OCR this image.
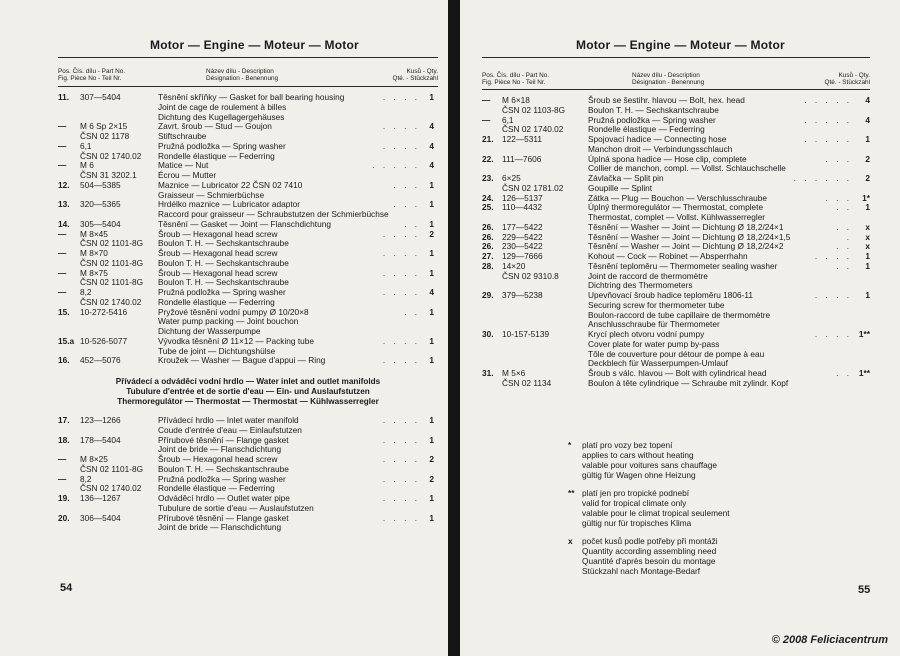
Motor — Engine — Moteur — Motor
Pos. Čís. dílu - Part No.
Fig. Pièce No - Teil Nr.
Název dílu - Description
Désignation - Benennung
Kusů - Qty.
Qté. - Stückzahl
11. 307—5404	Těsnění skříňky — Gasket for ball bearing housing	. . . . 1
Joint de cage de roulement à billes
Dichtung des Kugellagergehäuses
— M 6 Sp 2×15	Zavrt. šroub — Stud — Goujon	. . . . 4
ČSN 02 1178	Stiftschraube
— 6,1	Pružná podložka — Spring washer	. . . . 4
ČSN 02 1740.02 Rondelle élastique — Federring
— M 6	Matice — Nut	. . . . . 4
ČSN 31 3202.1	Écrou — Mutter
12. 504—5385	Maznice — Lubricator 22 ČSN 02 7410	. . . 1
Graisseur — Schmierbüchse
13. 320—5365	Hrdélko maznice — Lubricator adaptor	. . . 1
Raccord pour graisseur — Schraubstutzen der Schmierbüchse
14. 305—5404	Těsnění — Gasket — Joint — Flanschdichtung	. . 1
— M 8×45	Šroub — Hexagonal head screw	. . . . 2
ČSN 02 1101-8G Boulon T. H. — Sechskantschraube
— M 8×70	Šroub — Hexagonal head screw	. . . . 1
ČSN 02 1101-8G Boulon T. H. — Sechskantschraube
— M 8×75	Šroub — Hexagonal head screw	. . . . 1
ČSN 02 1101-8G Boulon T. H. — Sechskantschraube
— 8,2	Pružná podložka — Spring washer	. . . . 4
ČSN 02 1740.02 Rondelle élastique — Federring
15. 10-272-5416	Pryžové těsnění vodní pumpy Ø 10/20×8	. . 1
Water pump packing — Joint bouchon
Dichtung der Wasserpumpe
15.a 10-526-5077	Vývodka těsnění Ø 11×12 — Packing tube	. . . . 1
Tube de joint — Dichtungshülse
16. 452—5076	Kroužek — Washer — Bague d'appui — Ring	. . . . 1
Přívádecí a odváděcí vodní hrdlo — Water inlet and outlet manifolds
Tubulure d'entrée et de sortie d'eau — Ein- und Auslaufstutzen
Thermoregulátor — Thermostat — Thermostat — Kühlwasserregler
17. 123—1266	Přívádecí hrdlo — Inlet water manifold	. . . . 1
Coude d'entrée d'eau — Einlaufstutzen
18. 178—5404	Přírubové těsnění — Flange gasket	. . . . 1
Joint de bride — Flanschdichtung
— M 8×25	Šroub — Hexagonal head screw	. . . . 2
ČSN 02 1101-8G Boulon T. H. — Sechskantschraube
— 8,2	Pružná podložka — Spring washer	. . . . 2
ČSN 02 1740.02 Rondelle élastique — Federring
19. 136—1267	Odváděcí hrdlo — Outlet water pipe	. . . . 1
Tubulure de sortie d'eau — Auslaufstutzen
20. 306—5404	Přírubové těsnění — Flange gasket	. . . . 1
Joint de bride — Flanschdichtung
54
Motor — Engine — Moteur — Motor
Pos. Čís. dílu - Part No.
Fig. Pièce No - Teil Nr.
Název dílu - Description
Désignation - Benennung
Kusů - Qty.
Qté. - Stückzahl
— M 6×18	Šroub se šestihr. hlavou — Bolt, hex. head	. . . . . 4
ČSN 02 1103-8G	Boulon T. H. — Sechskantschraube
— 6,1	Pružná podložka — Spring washer	. . . . . 4
ČSN 02 1740.02	Rondelle élastique — Federring
21. 122—5311	Spojovací hadice — Connecting hose	. . . . . 1
Manchon droit — Verbindungsschlauch
22. 111—7606	Úplná spona hadice — Hose clip, complete	. . . 2
Collier de manchon, compl. — Vollst. Schlauchschelle
23. 6×25	Závlačka — Split pin	. . . . . . 2
ČSN 02 1781.02	Goupille — Splint
24. 126—5137	Zátka — Plug — Bouchon — Verschlusschraube	. . . 1*
25. 110—4432	Úplný thermoregulátor — Thermostat, complete	. . 1
Thermostat, complet — Vollst. Kühlwasserregler
26. 177—5422	Těsnění — Washer — Joint — Dichtung Ø 18,2/24×1	. . x
26. 229—5422	Těsnění — Washer — Joint — Dichtung Ø 18,2/24×1,5	. x
26. 230—5422	Těsnění — Washer — Joint — Dichtung Ø 18,2/24×2	. . x
27. 129—7666	Kohout — Cock — Robinet — Absperrhahn	. . . . 1
28. 14×20	Těsnění teploměru — Thermometer sealing washer	. . 1
ČSN 02 9310.8	Joint de raccord de thermomètre
Dichtring des Thermometers
29. 379—5238	Upevňovací šroub hadice teploměru 1806-11	. . . . 1
Securing screw for thermometer tube
Boulon-raccord de tube capillaire de thermomètre
Anschlusschraube für Thermometer
30. 10-157-5139	Krycí plech otvoru vodní pumpy	. . . . 1**
Cover plate for water pump by-pass
Tôle de couverture pour détour de pompe à eau
Deckblech für Wasserpumpen-Umlauf
31. M 5×6	Šroub s válc. hlavou — Bolt with cylindrical head	. . 1**
ČSN 02 1134	Boulon à tête cylindrique — Schraube mit zylindr. Kopf
* platí pro vozy bez topení
applies to cars without heating
valable pour voitures sans chauffage
gültig für Wagen ohne Heizung
** platí jen pro tropické podnebí
valid for tropical climate only
valable pour le climat tropical seulement
gültig nur für tropisches Klima
x počet kusů podle potřeby při montáži
Quantity according assembling need
Quantité d'après besoin du montage
Stückzahl nach Montage-Bedarf
55
© 2008 Feliciacentrum
